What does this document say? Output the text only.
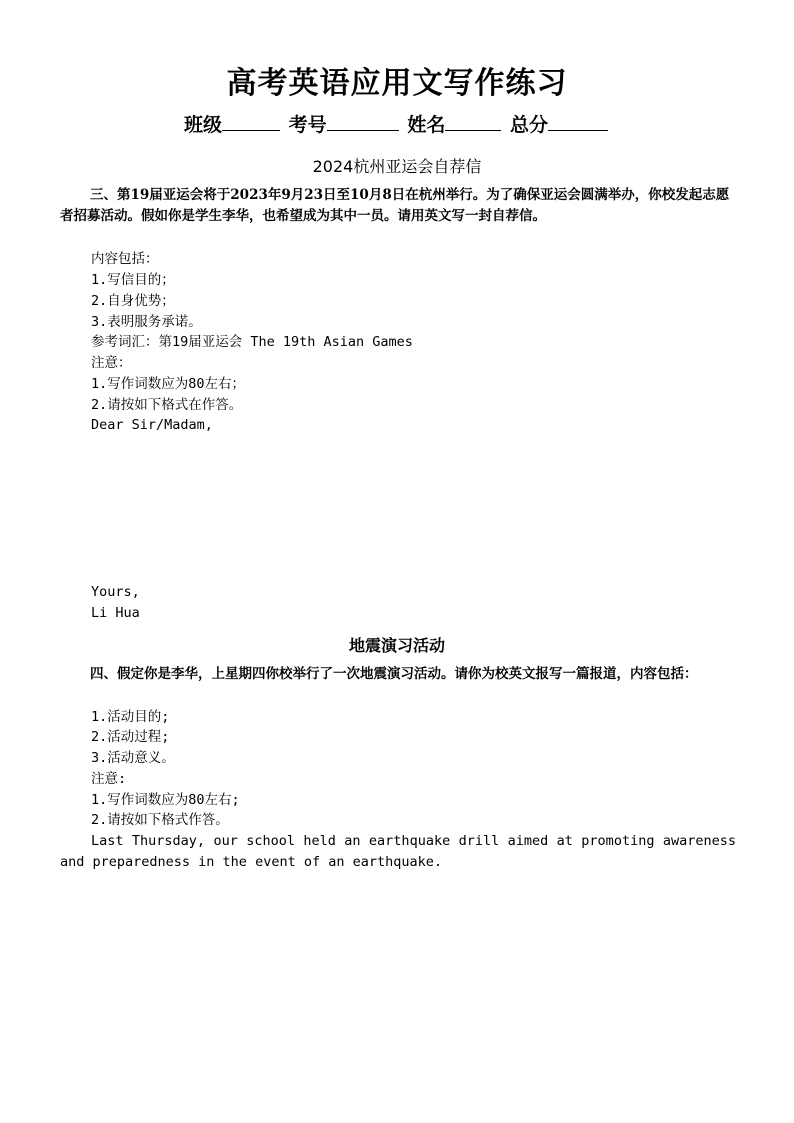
高考英语应用文写作练习
班级	考号	姓名	总分
2024杭州亚运会自荐信
三、第19届亚运会将于2023年9月23日至10月8日在杭州举行。为了确保亚运会圆满举办，你校发起志愿者招募活动。假如你是学生李华，也希望成为其中一员。请用英文写一封自荐信。
内容包括：
1.写信目的；
2.自身优势；
3.表明服务承诺。
参考词汇：第19届亚运会 The 19th Asian Games
注意：
1.写作词数应为80左右；
2.请按如下格式在作答。
Dear Sir/Madam,
Yours,
Li Hua
地震演习活动
四、假定你是李华，上星期四你校举行了一次地震演习活动。请你为校英文报写一篇报道，内容包括：
1.活动目的;
2.活动过程;
3.活动意义。
注意:
1.写作词数应为80左右;
2.请按如下格式作答。
Last Thursday, our school held an earthquake drill aimed at promoting awareness and preparedness in the event of an earthquake.
